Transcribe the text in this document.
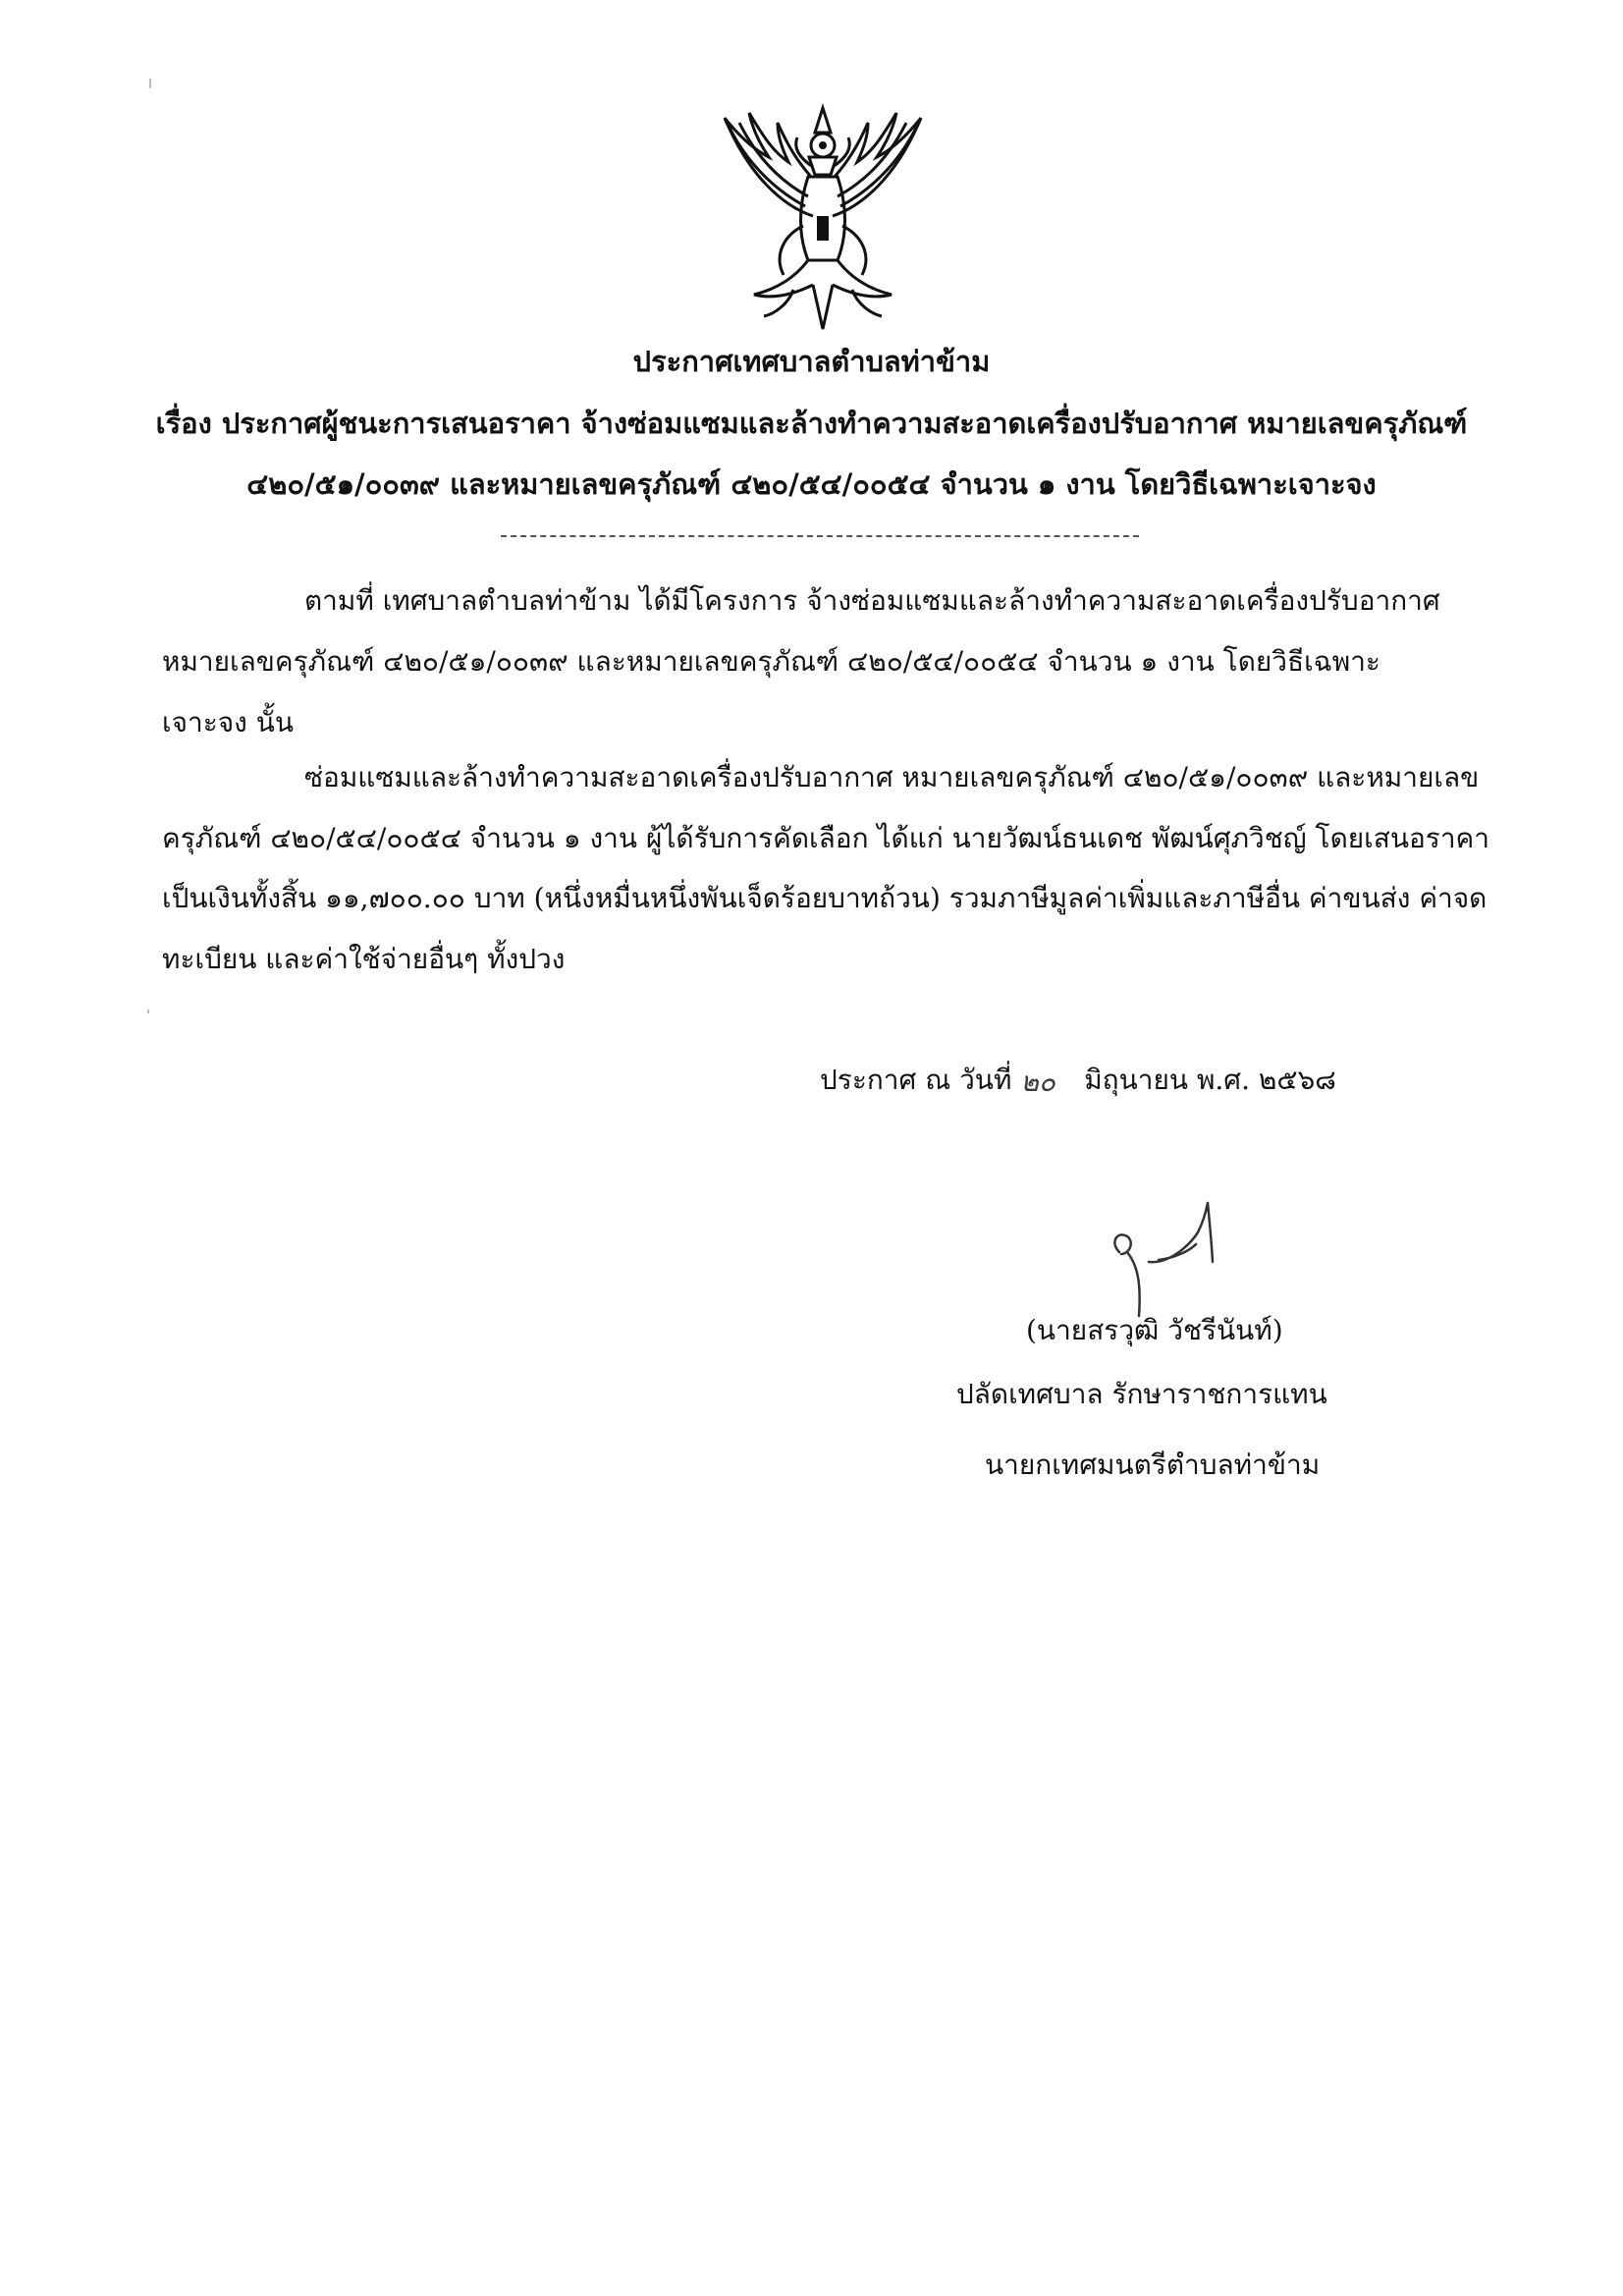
ประกาศเทศบาลตำบลท่าข้าม
เรื่อง ประกาศผู้ชนะการเสนอราคา จ้างซ่อมแซมและล้างทำความสะอาดเครื่องปรับอากาศ หมายเลขครุภัณฑ์
๔๒๐/๕๑/๐๐๓๙ และหมายเลขครุภัณฑ์ ๔๒๐/๕๔/๐๐๕๔ จำนวน ๑ งาน โดยวิธีเฉพาะเจาะจง
ตามที่ เทศบาลตำบลท่าข้าม ได้มีโครงการ จ้างซ่อมแซมและล้างทำความสะอาดเครื่องปรับอากาศ
หมายเลขครุภัณฑ์ ๔๒๐/๕๑/๐๐๓๙ และหมายเลขครุภัณฑ์ ๔๒๐/๕๔/๐๐๕๔ จำนวน ๑ งาน โดยวิธีเฉพาะ
เจาะจง นั้น
ซ่อมแซมและล้างทำความสะอาดเครื่องปรับอากาศ หมายเลขครุภัณฑ์ ๔๒๐/๕๑/๐๐๓๙ และหมายเลข
ครุภัณฑ์ ๔๒๐/๕๔/๐๐๕๔ จำนวน ๑ งาน ผู้ได้รับการคัดเลือก ได้แก่ นายวัฒน์ธนเดช พัฒน์ศุภวิชญ์ โดยเสนอราคา
เป็นเงินทั้งสิ้น ๑๑,๗๐๐.๐๐ บาท (หนึ่งหมื่นหนึ่งพันเจ็ดร้อยบาทถ้วน) รวมภาษีมูลค่าเพิ่มและภาษีอื่น ค่าขนส่ง ค่าจด
ทะเบียน และค่าใช้จ่ายอื่นๆ ทั้งปวง
ประกาศ ณ วันที่ ๒๐ มิถุนายน พ.ศ. ๒๕๖๘
(นายสรวุฒิ วัชรีนันท์)
ปลัดเทศบาล รักษาราชการแทน
นายกเทศมนตรีตำบลท่าข้าม
